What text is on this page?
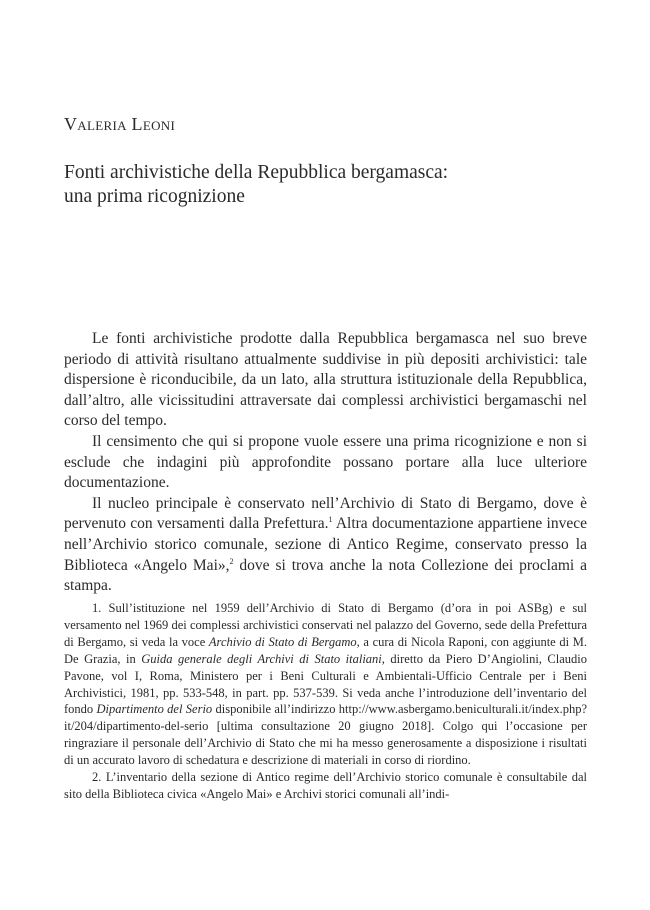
Valeria Leoni
Fonti archivistiche della Repubblica bergamasca:
una prima ricognizione

Le fonti archivistiche prodotte dalla Repubblica bergamasca nel suo breve periodo di attività risultano attualmente suddivise in più depositi archivistici: tale dispersione è riconducibile, da un lato, alla struttura istituzionale della Repubblica, dall’altro, alle vicissitudini attraversate dai complessi archivistici bergamaschi nel corso del tempo.

Il censimento che qui si propone vuole essere una prima ricognizione e non si esclude che indagini più approfondite possano portare alla luce ulteriore documentazione.

Il nucleo principale è conservato nell’Archivio di Stato di Bergamo, dove è pervenuto con versamenti dalla Prefettura.$^1$ Altra documentazione appartiene invece nell’Archivio storico comunale, sezione di Antico Regime, conservato presso la Biblioteca «Angelo Mai»,$^2$ dove si trova anche la nota Collezione dei proclami a stampa.

1. Sull’istituzione nel 1959 dell’Archivio di Stato di Bergamo (d’ora in poi ASBg) e sul versamento nel 1969 dei complessi archivistici conservati nel palazzo del Governo, sede della Prefettura di Bergamo, si veda la voce Archivio di Stato di Bergamo, a cura di Nicola Raponi, con aggiunte di M. De Grazia, in Guida generale degli Archivi di Stato italiani, diretto da Piero D’Angiolini, Claudio Pavone, vol I, Roma, Ministero per i Beni Culturali e Ambientali-Ufficio Centrale per i Beni Archivistici, 1981, pp. 533-548, in part. pp. 537-539. Si veda anche l’introduzione dell’inventario del fondo Dipartimento del Serio disponibile all’indirizzo http://www.asbergamo.beniculturali.it/index.php?it/204/dipartimento-del-serio [ultima consultazione 20 giugno 2018]. Colgo qui l’occasione per ringraziare il personale dell’Archivio di Stato che mi ha messo generosamente a disposizione i risultati di un accurato lavoro di schedatura e descrizione di materiali in corso di riordino.

2. L’inventario della sezione di Antico regime dell’Archivio storico comunale è consultabile dal sito della Biblioteca civica «Angelo Mai» e Archivi storici comunali all’indi-
